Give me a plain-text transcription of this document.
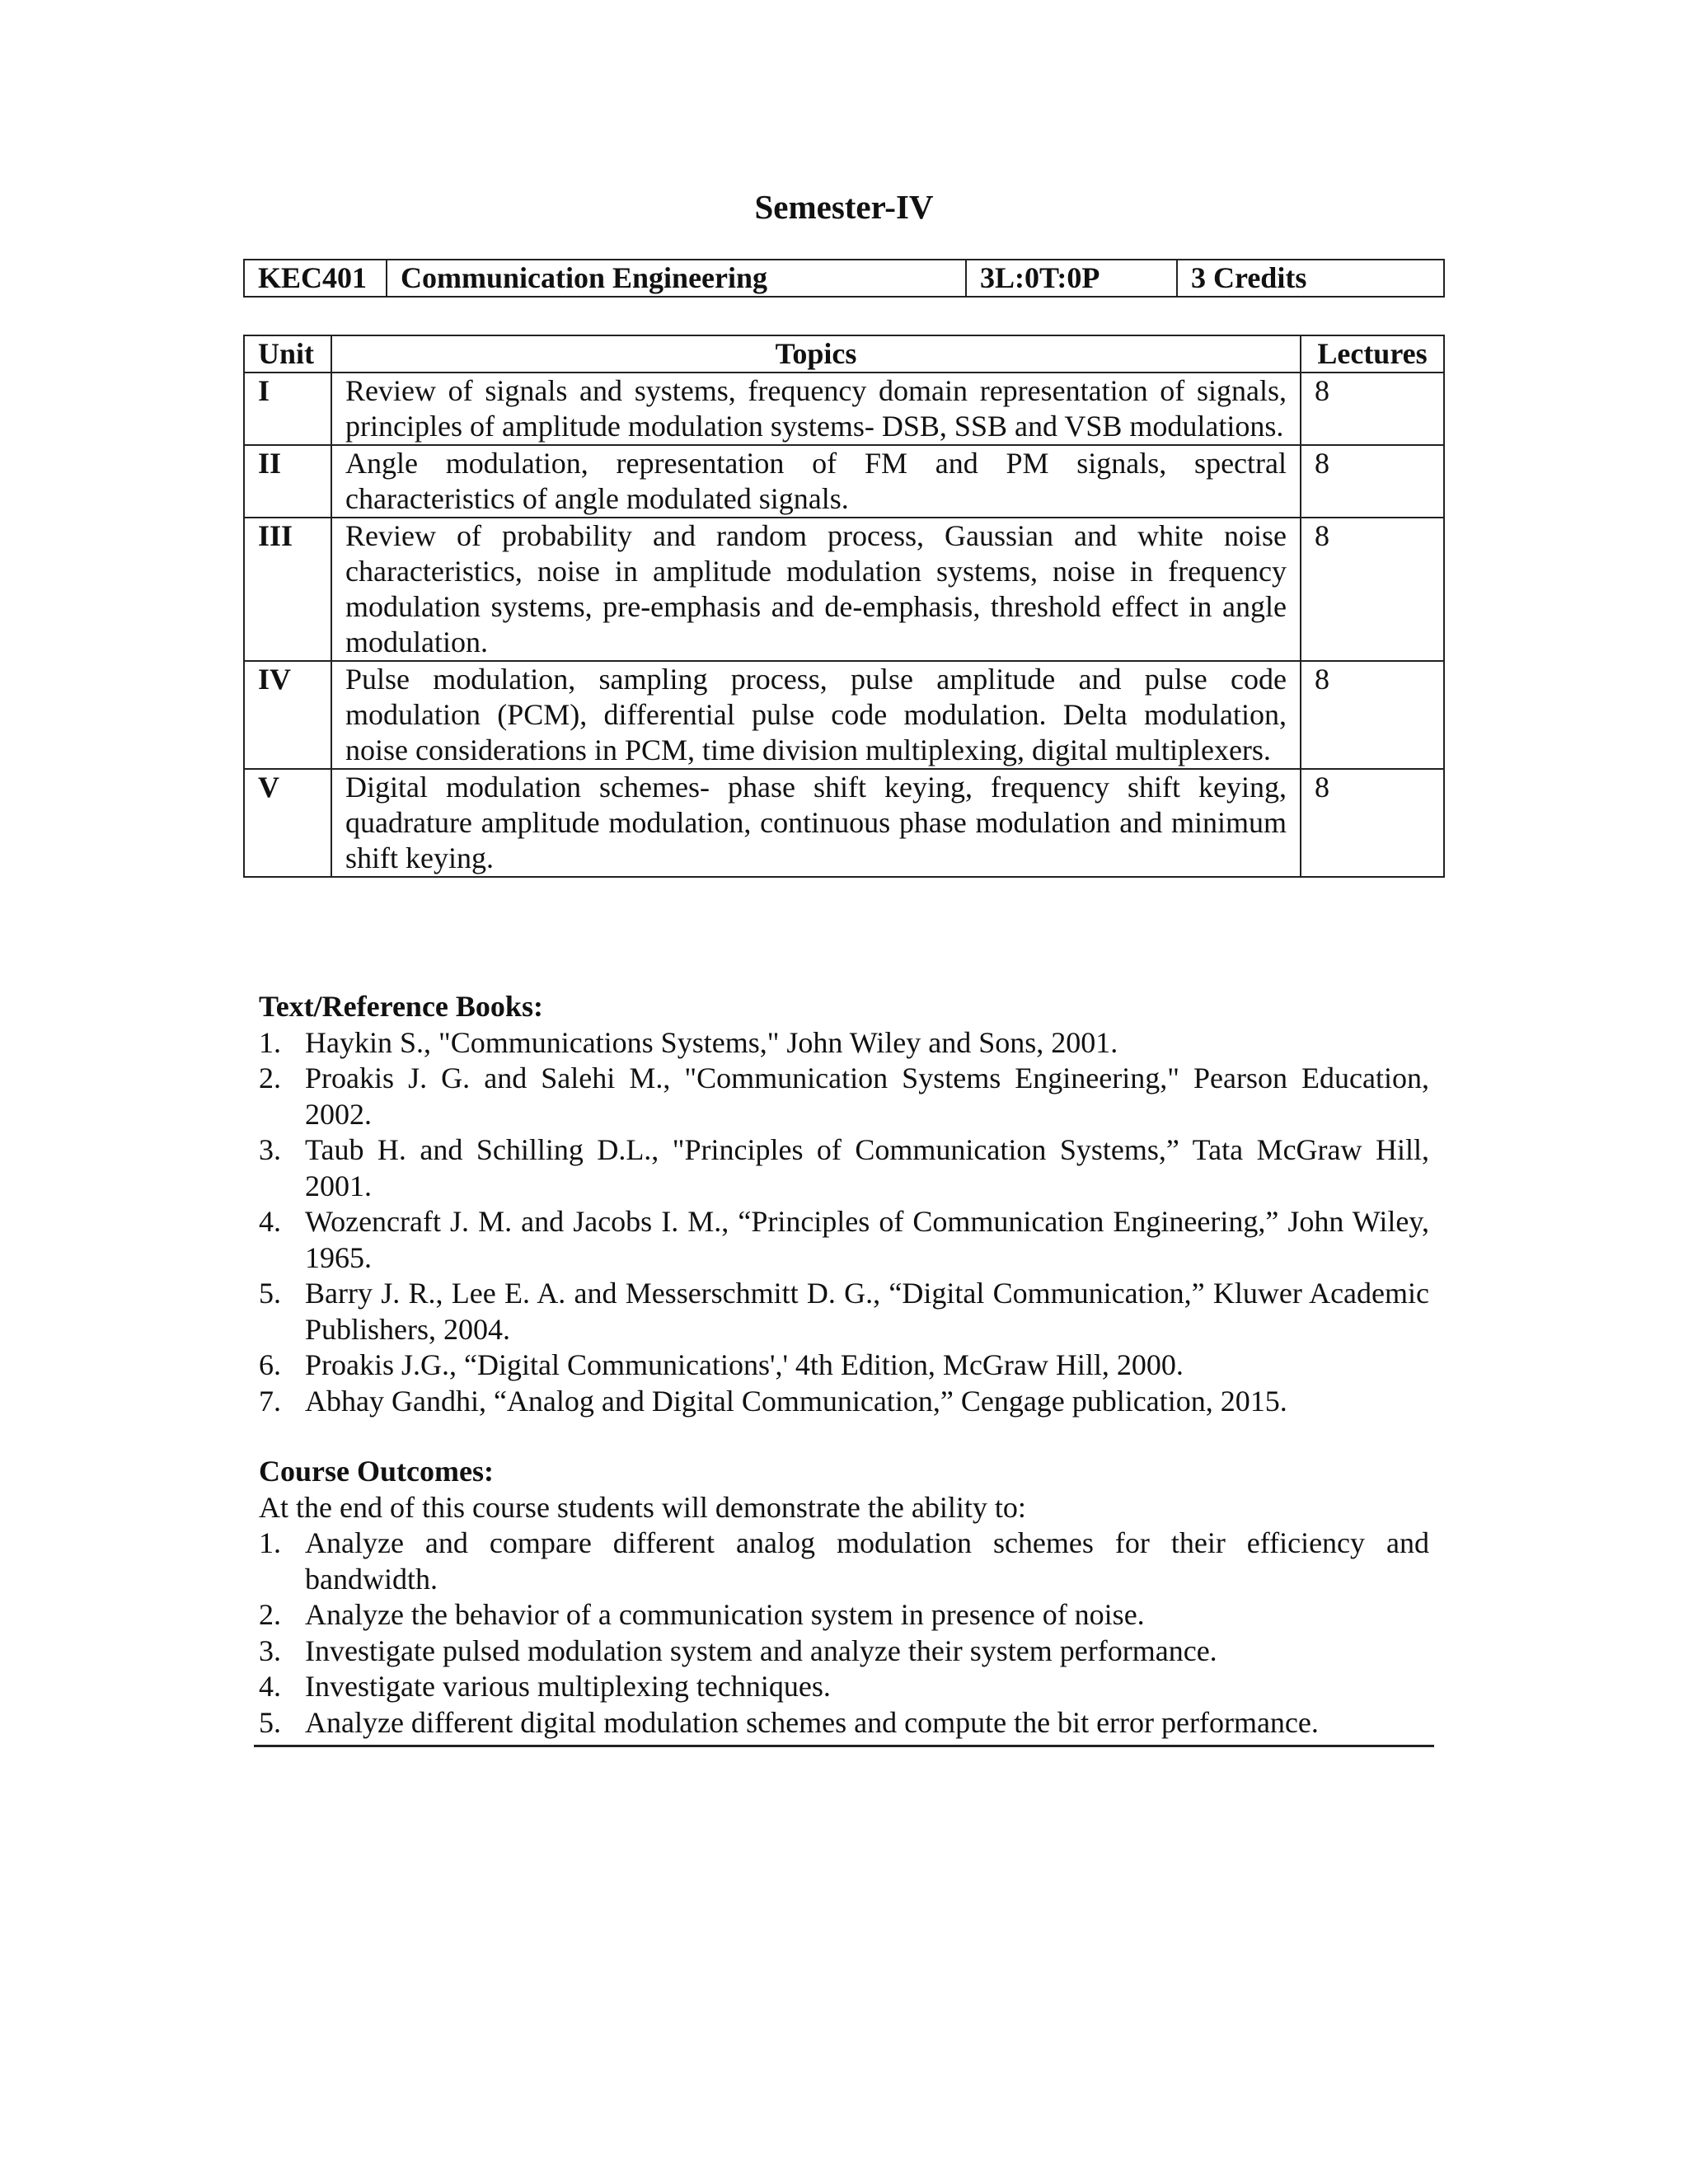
Semester-IV
KEC401	Communication Engineering	3L:0T:0P	3 Credits
Unit	Topics	Lectures
I	Review of signals and systems, frequency domain representation of signals, principles of amplitude modulation systems- DSB, SSB and VSB modulations.	8
II	Angle modulation, representation of FM and PM signals, spectral characteristics of angle modulated signals.	8
III	Review of probability and random process, Gaussian and white noise characteristics, noise in amplitude modulation systems, noise in frequency modulation systems, pre-emphasis and de-emphasis, threshold effect in angle modulation.	8
IV	Pulse modulation, sampling process, pulse amplitude and pulse code modulation (PCM), differential pulse code modulation. Delta modulation, noise considerations in PCM, time division multiplexing, digital multiplexers.	8
V	Digital modulation schemes- phase shift keying, frequency shift keying, quadrature amplitude modulation, continuous phase modulation and minimum shift keying.	8
Text/Reference Books:
1. Haykin S., "Communications Systems," John Wiley and Sons, 2001.
2. Proakis J. G. and Salehi M., "Communication Systems Engineering," Pearson Education, 2002.
3. Taub H. and Schilling D.L., "Principles of Communication Systems,” Tata McGraw Hill, 2001.
4. Wozencraft J. M. and Jacobs I. M., “Principles of Communication Engineering,” John Wiley, 1965.
5. Barry J. R., Lee E. A. and Messerschmitt D. G., “Digital Communication,” Kluwer Academic Publishers, 2004.
6. Proakis J.G., “Digital Communications',' 4th Edition, McGraw Hill, 2000.
7. Abhay Gandhi, “Analog and Digital Communication,” Cengage publication, 2015.
Course Outcomes:

At the end of this course students will demonstrate the ability to:

1. Analyze and compare different analog modulation schemes for their efficiency and bandwidth.
2. Analyze the behavior of a communication system in presence of noise.
3. Investigate pulsed modulation system and analyze their system performance.
4. Investigate various multiplexing techniques.
5. Analyze different digital modulation schemes and compute the bit error performance.
